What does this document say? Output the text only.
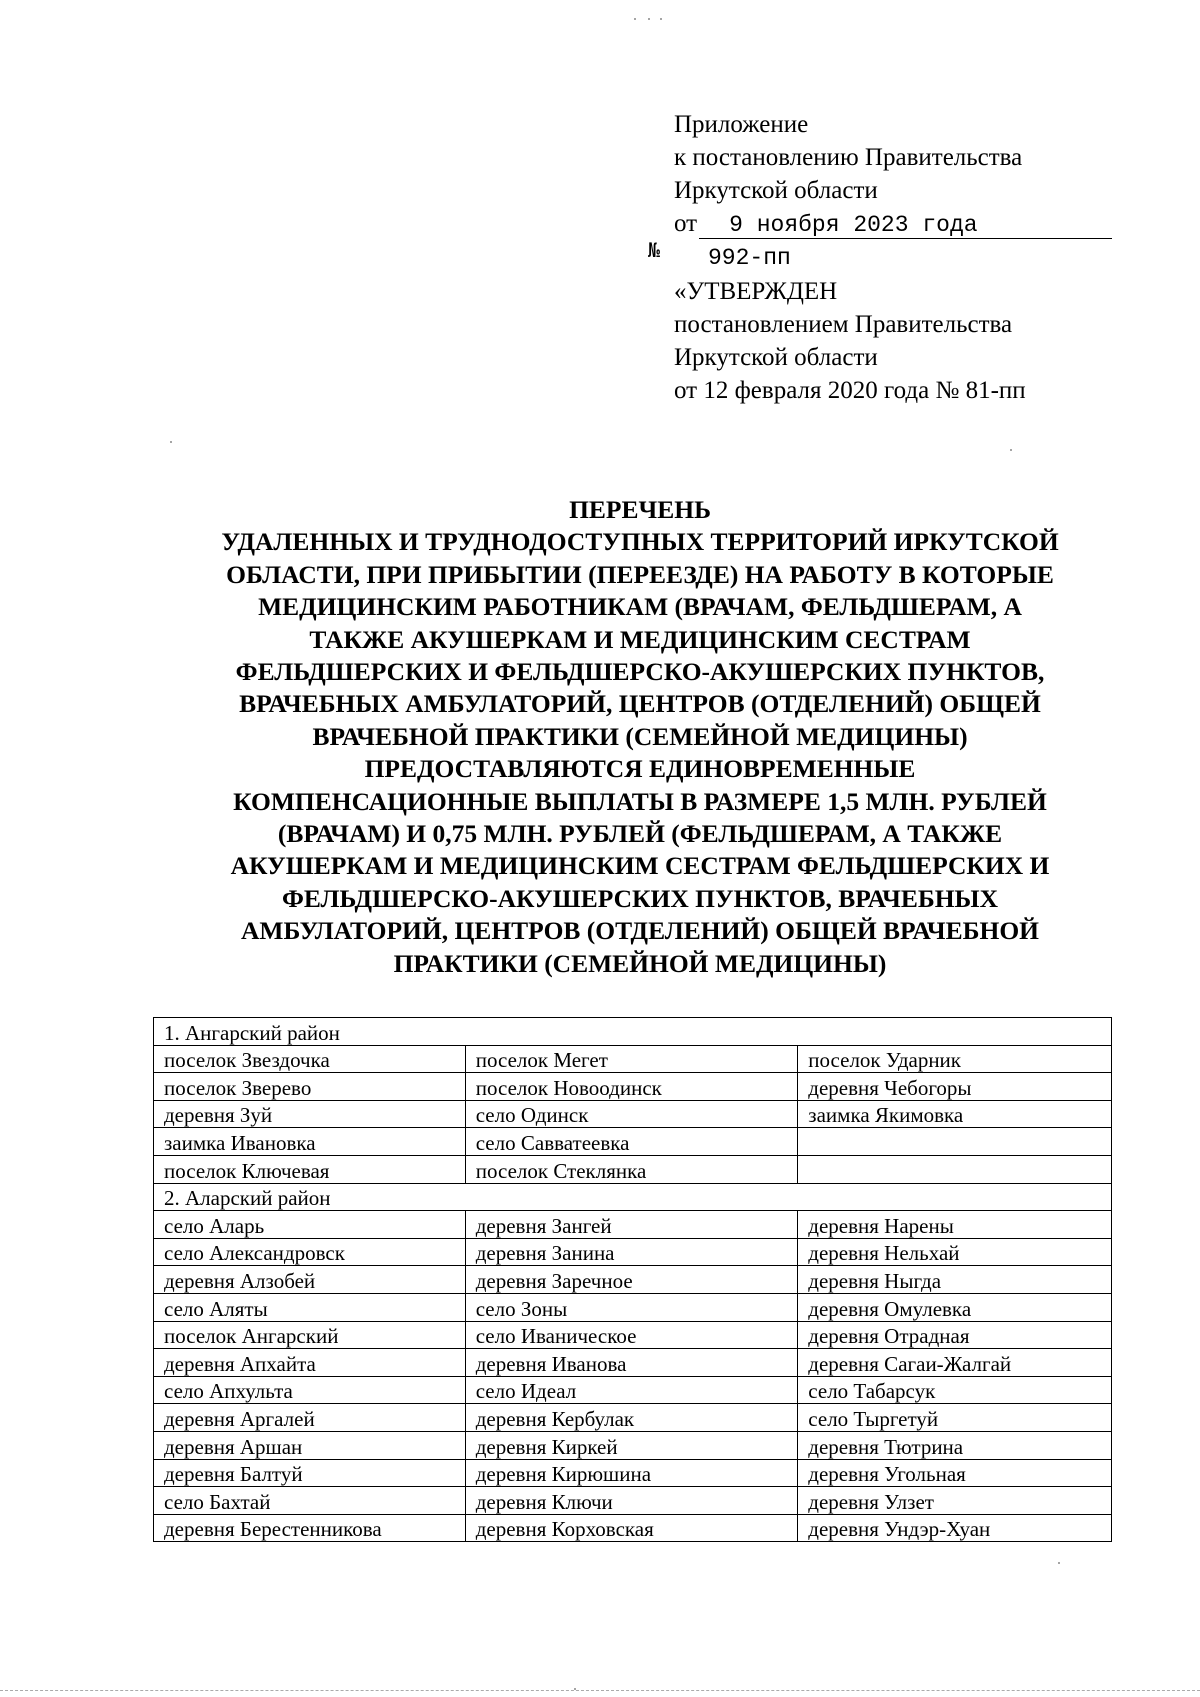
Приложение
к постановлению Правительства
Иркутской области
от	9 ноября 2023 года
№ 992-пп
«УТВЕРЖДЕН
постановлением Правительства
Иркутской области
от 12 февраля 2020 года № 81-пп
ПЕРЕЧЕНЬ
УДАЛЕННЫХ И ТРУДНОДОСТУПНЫХ ТЕРРИТОРИЙ ИРКУТСКОЙ
ОБЛАСТИ, ПРИ ПРИБЫТИИ (ПЕРЕЕЗДЕ) НА РАБОТУ В КОТОРЫЕ
МЕДИЦИНСКИМ РАБОТНИКАМ (ВРАЧАМ, ФЕЛЬДШЕРАМ, А
ТАКЖЕ АКУШЕРКАМ И МЕДИЦИНСКИМ СЕСТРАМ
ФЕЛЬДШЕРСКИХ И ФЕЛЬДШЕРСКО-АКУШЕРСКИХ ПУНКТОВ,
ВРАЧЕБНЫХ АМБУЛАТОРИЙ, ЦЕНТРОВ (ОТДЕЛЕНИЙ) ОБЩЕЙ
ВРАЧЕБНОЙ ПРАКТИКИ (СЕМЕЙНОЙ МЕДИЦИНЫ)
ПРЕДОСТАВЛЯЮТСЯ ЕДИНОВРЕМЕННЫЕ
КОМПЕНСАЦИОННЫЕ ВЫПЛАТЫ В РАЗМЕРЕ 1,5 МЛН. РУБЛЕЙ
(ВРАЧАМ) И 0,75 МЛН. РУБЛЕЙ (ФЕЛЬДШЕРАМ, А ТАКЖЕ
АКУШЕРКАМ И МЕДИЦИНСКИМ СЕСТРАМ ФЕЛЬДШЕРСКИХ И
ФЕЛЬДШЕРСКО-АКУШЕРСКИХ ПУНКТОВ, ВРАЧЕБНЫХ
АМБУЛАТОРИЙ, ЦЕНТРОВ (ОТДЕЛЕНИЙ) ОБЩЕЙ ВРАЧЕБНОЙ
ПРАКТИКИ (СЕМЕЙНОЙ МЕДИЦИНЫ)
1. Ангарский район		
поселок Звездочка	поселок Мегет	поселок Ударник
поселок Зверево	поселок Новоодинск	деревня Чебогоры
деревня Зуй	село Одинск	заимка Якимовка
заимка Ивановка	село Савватеевка	
поселок Ключевая	поселок Стеклянка	
2. Аларский район		
село Аларь	деревня Зангей	деревня Нарены
село Александровск	деревня Занина	деревня Нельхай
деревня Алзобей	деревня Заречное	деревня Ныгда
село Аляты	село Зоны	деревня Омулевка
поселок Ангарский	село Иваническое	деревня Отрадная
деревня Апхайта	деревня Иванова	деревня Сагаи-Жалгай
село Апхульта	село Идеал	село Табарсук
деревня Аргалей	деревня Кербулак	село Тыргетуй
деревня Аршан	деревня Киркей	деревня Тютрина
деревня Балтуй	деревня Кирюшина	деревня Угольная
село Бахтай	деревня Ключи	деревня Улзет
деревня Берестенникова	деревня Корховская	деревня Ундэр-Хуан
